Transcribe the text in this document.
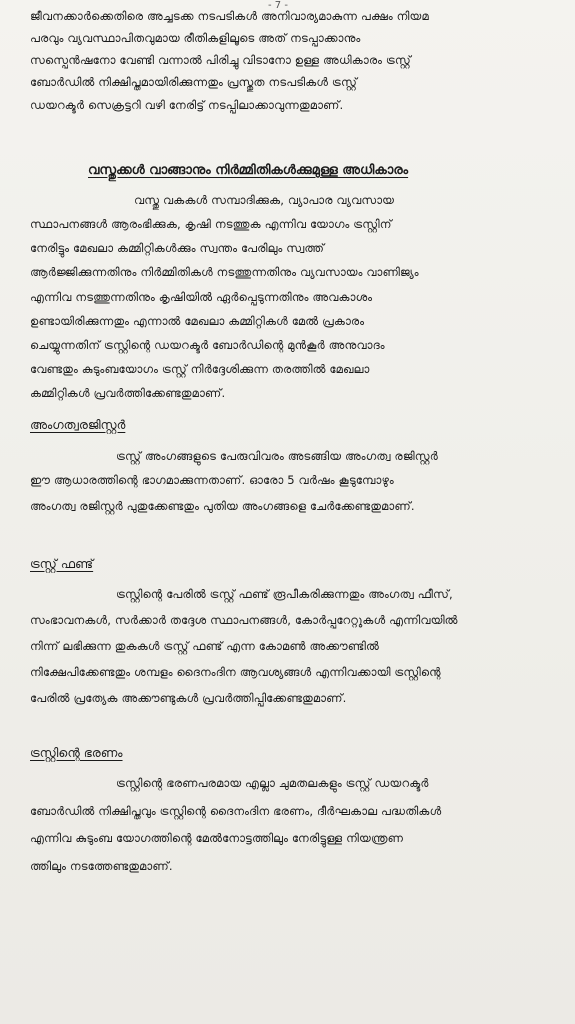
- 7 -
ജീവനക്കാർക്കെതിരെ അച്ചടക്ക നടപടികൾ അനിവാര്യമാകുന്ന പക്ഷം നിയമ
പരവും വ്യവസ്ഥാപിതവുമായ രീതികളിലൂടെ അത് നടപ്പാക്കാനും
സസ്പെൻഷനോ വേണ്ടി വന്നാൽ പിരിച്ചു വിടാനോ ഉള്ള അധികാരം ട്രസ്റ്റ്
ബോർഡിൽ നിക്ഷിപ്തമായിരിക്കുന്നതും പ്രസ്തുത നടപടികൾ ട്രസ്റ്റ്
ഡയറക്ടർ സെക്രട്ടറി വഴി നേരിട്ട് നടപ്പിലാക്കാവുന്നതുമാണ്.
വസ്തുക്കൾ വാങ്ങാനും നിർമ്മിതികൾക്കുമുള്ള അധികാരം
വസ്തു വകകൾ സമ്പാദിക്കുക, വ്യാപാര വ്യവസായ
സ്ഥാപനങ്ങൾ ആരംഭിക്കുക, കൃഷി നടത്തുക എന്നിവ യോഗം ട്രസ്റ്റിന്
നേരിട്ടും മേഖലാ കമ്മിറ്റികൾക്കും സ്വന്തം പേരിലും സ്വത്ത്
ആർജ്ജിക്കുന്നതിനും നിർമ്മിതികൾ നടത്തുന്നതിനും വ്യവസായം വാണിജ്യം
എന്നിവ നടത്തുന്നതിനും കൃഷിയിൽ ഏർപ്പെടുന്നതിനും അവകാശം
ഉണ്ടായിരിക്കുന്നതും എന്നാൽ മേഖലാ കമ്മിറ്റികൾ മേൽ പ്രകാരം
ചെയ്യുന്നതിന് ട്രസ്റ്റിന്റെ ഡയറക്ടർ ബോർഡിന്റെ മുൻകൂർ അനുവാദം
വേണ്ടതും കുടുംബയോഗം ട്രസ്റ്റ് നിർദ്ദേശിക്കുന്ന തരത്തിൽ മേഖലാ
കമ്മിറ്റികൾ പ്രവർത്തിക്കേണ്ടതുമാണ്.
അംഗത്വരജിസ്റ്റർ
ട്രസ്റ്റ് അംഗങ്ങളുടെ പേരുവിവരം അടങ്ങിയ അംഗത്വ രജിസ്റ്റർ
ഈ ആധാരത്തിന്റെ ഭാഗമാക്കുന്നതാണ്. ഓരോ 5 വർഷം കൂടുമ്പോഴും
അംഗത്വ രജിസ്റ്റർ പുതുക്കേണ്ടതും പുതിയ അംഗങ്ങളെ ചേർക്കേണ്ടതുമാണ്.
ട്രസ്റ്റ് ഫണ്ട്
ട്രസ്റ്റിന്റെ പേരിൽ ട്രസ്റ്റ് ഫണ്ട് രൂപീകരിക്കുന്നതും അംഗത്വ ഫീസ്,
സംഭാവനകൾ, സർക്കാർ തദ്ദേശ സ്ഥാപനങ്ങൾ, കോർപ്പറേറ്റുകൾ എന്നിവയിൽ
നിന്ന് ലഭിക്കുന്ന തുകകൾ ട്രസ്റ്റ് ഫണ്ട് എന്ന കോമൺ അക്കൗണ്ടിൽ
നിക്ഷേപിക്കേണ്ടതും ശമ്പളം ദൈനംദിന ആവശ്യങ്ങൾ എന്നിവക്കായി ട്രസ്റ്റിന്റെ
പേരിൽ പ്രത്യേക അക്കൗണ്ടുകൾ പ്രവർത്തിപ്പിക്കേണ്ടതുമാണ്.
ട്രസ്റ്റിന്റെ ഭരണം
ട്രസ്റ്റിന്റെ ഭരണപരമായ എല്ലാ ചുമതലകളും ട്രസ്റ്റ് ഡയറക്ടർ
ബോർഡിൽ നിക്ഷിപ്തവും ട്രസ്റ്റിന്റെ ദൈനംദിന ഭരണം, ദീർഘകാല പദ്ധതികൾ
എന്നിവ കുടുംബ യോഗത്തിന്റെ മേൽനോട്ടത്തിലും നേരിട്ടുള്ള നിയന്ത്രണ
ത്തിലും നടത്തേണ്ടതുമാണ്.
